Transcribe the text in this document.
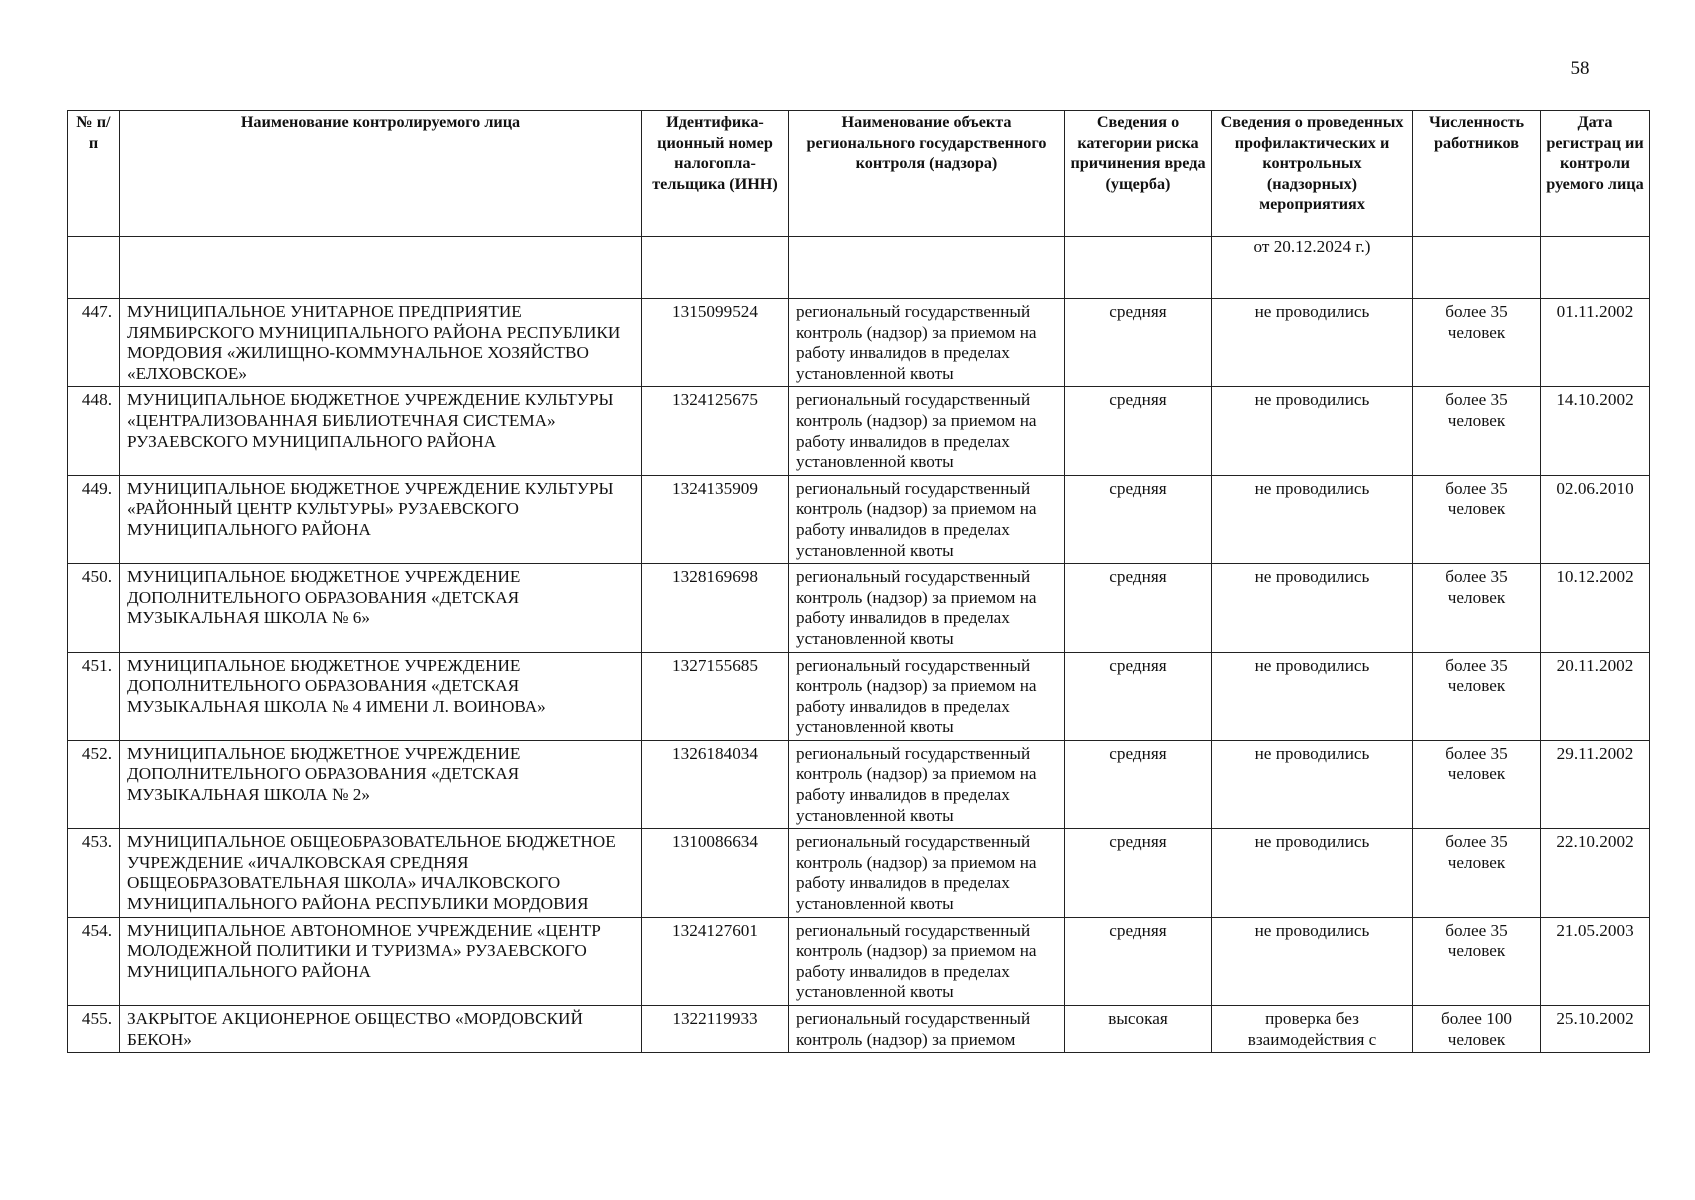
58
№ п/п	Наименование контролируемого лица	Идентифика-ционный номер налогопла-тельщика (ИНН)	Наименование объекта регионального государственного контроля (надзора)	Сведения о категории риска причинения вреда (ущерба)	Сведения о проведенных профилактических и контрольных (надзорных) мероприятиях	Численность работников	Дата регистрац ии контроли руемого лица
					от 20.12.2024 г.)		
447.	МУНИЦИПАЛЬНОЕ УНИТАРНОЕ ПРЕДПРИЯТИЕ ЛЯМБИРСКОГО МУНИЦИПАЛЬНОГО РАЙОНА РЕСПУБЛИКИ МОРДОВИЯ «ЖИЛИЩНО-КОММУНАЛЬНОЕ ХОЗЯЙСТВО «ЕЛХОВСКОЕ»	1315099524	региональный государственный контроль (надзор) за приемом на работу инвалидов в пределах установленной квоты	средняя	не проводились	более 35 человек	01.11.2002
448.	МУНИЦИПАЛЬНОЕ БЮДЖЕТНОЕ УЧРЕЖДЕНИЕ КУЛЬТУРЫ «ЦЕНТРАЛИЗОВАННАЯ БИБЛИОТЕЧНАЯ СИСТЕМА» РУЗАЕВСКОГО МУНИЦИПАЛЬНОГО РАЙОНА	1324125675	региональный государственный контроль (надзор) за приемом на работу инвалидов в пределах установленной квоты	средняя	не проводились	более 35 человек	14.10.2002
449.	МУНИЦИПАЛЬНОЕ БЮДЖЕТНОЕ УЧРЕЖДЕНИЕ КУЛЬТУРЫ «РАЙОННЫЙ ЦЕНТР КУЛЬТУРЫ» РУЗАЕВСКОГО МУНИЦИПАЛЬНОГО РАЙОНА	1324135909	региональный государственный контроль (надзор) за приемом на работу инвалидов в пределах установленной квоты	средняя	не проводились	более 35 человек	02.06.2010
450.	МУНИЦИПАЛЬНОЕ БЮДЖЕТНОЕ УЧРЕЖДЕНИЕ ДОПОЛНИТЕЛЬНОГО ОБРАЗОВАНИЯ «ДЕТСКАЯ МУЗЫКАЛЬНАЯ ШКОЛА № 6»	1328169698	региональный государственный контроль (надзор) за приемом на работу инвалидов в пределах установленной квоты	средняя	не проводились	более 35 человек	10.12.2002
451.	МУНИЦИПАЛЬНОЕ БЮДЖЕТНОЕ УЧРЕЖДЕНИЕ ДОПОЛНИТЕЛЬНОГО ОБРАЗОВАНИЯ «ДЕТСКАЯ МУЗЫКАЛЬНАЯ ШКОЛА № 4 ИМЕНИ Л. ВОИНОВА»	1327155685	региональный государственный контроль (надзор) за приемом на работу инвалидов в пределах установленной квоты	средняя	не проводились	более 35 человек	20.11.2002
452.	МУНИЦИПАЛЬНОЕ БЮДЖЕТНОЕ УЧРЕЖДЕНИЕ ДОПОЛНИТЕЛЬНОГО ОБРАЗОВАНИЯ «ДЕТСКАЯ МУЗЫКАЛЬНАЯ ШКОЛА № 2»	1326184034	региональный государственный контроль (надзор) за приемом на работу инвалидов в пределах установленной квоты	средняя	не проводились	более 35 человек	29.11.2002
453.	МУНИЦИПАЛЬНОЕ ОБЩЕОБРАЗОВАТЕЛЬНОЕ БЮДЖЕТНОЕ УЧРЕЖДЕНИЕ «ИЧАЛКОВСКАЯ СРЕДНЯЯ ОБЩЕОБРАЗОВАТЕЛЬНАЯ ШКОЛА» ИЧАЛКОВСКОГО МУНИЦИПАЛЬНОГО РАЙОНА РЕСПУБЛИКИ МОРДОВИЯ	1310086634	региональный государственный контроль (надзор) за приемом на работу инвалидов в пределах установленной квоты	средняя	не проводились	более 35 человек	22.10.2002
454.	МУНИЦИПАЛЬНОЕ АВТОНОМНОЕ УЧРЕЖДЕНИЕ «ЦЕНТР МОЛОДЕЖНОЙ ПОЛИТИКИ И ТУРИЗМА» РУЗАЕВСКОГО МУНИЦИПАЛЬНОГО РАЙОНА	1324127601	региональный государственный контроль (надзор) за приемом на работу инвалидов в пределах установленной квоты	средняя	не проводились	более 35 человек	21.05.2003
455.	ЗАКРЫТОЕ АКЦИОНЕРНОЕ ОБЩЕСТВО «МОРДОВСКИЙ БЕКОН»	1322119933	региональный государственный контроль (надзор) за приемом	высокая	проверка без взаимодействия с	более 100 человек	25.10.2002
